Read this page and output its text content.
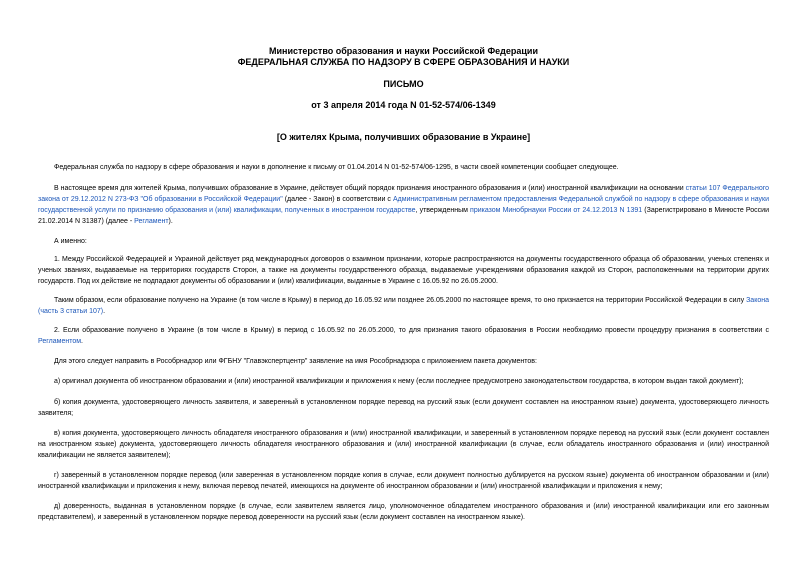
Министерство образования и науки Российской Федерации
ФЕДЕРАЛЬНАЯ СЛУЖБА ПО НАДЗОРУ В СФЕРЕ ОБРАЗОВАНИЯ И НАУКИ
ПИСЬМО
от 3 апреля 2014 года N 01-52-574/06-1349
[О жителях Крыма, получивших образование в Украине]
Федеральная служба по надзору в сфере образования и науки в дополнение к письму от 01.04.2014 N 01-52-574/06-1295, в части своей компетенции сообщает следующее.
В настоящее время для жителей Крыма, получивших образование в Украине, действует общий порядок признания иностранного образования и (или) иностранной квалификации на основании статьи 107 Федерального закона от 29.12.2012 N 273-ФЗ "Об образовании в Российской Федерации" (далее - Закон) в соответствии с Административным регламентом предоставления Федеральной службой по надзору в сфере образования и науки государственной услуги по признанию образования и (или) квалификации, полученных в иностранном государстве, утвержденным приказом Минобрнауки России от 24.12.2013 N 1391 (Зарегистрировано в Минюсте России 21.02.2014 N 31387) (далее - Регламент).
А именно:
1. Между Российской Федерацией и Украиной действует ряд международных договоров о взаимном признании, которые распространяются на документы государственного образца об образовании, ученых степенях и ученых званиях, выдаваемые на территориях государств Сторон, а также на документы государственного образца, выдаваемые учреждениями образования каждой из Сторон, расположенными на территории других государств. Под их действие не подпадают документы об образовании и (или) квалификации, выданные в Украине с 16.05.92 по 26.05.2000.
Таким образом, если образование получено на Украине (в том числе в Крыму) в период до 16.05.92 или позднее 26.05.2000 по настоящее время, то оно признается на территории Российской Федерации в силу Закона (часть 3 статьи 107).
2. Если образование получено в Украине (в том числе в Крыму) в период с 16.05.92 по 26.05.2000, то для признания такого образования в России необходимо провести процедуру признания в соответствии с Регламентом.
Для этого следует направить в Рособрнадзор или ФГБНУ "Главэкспертцентр" заявление на имя Рособрнадзора с приложением пакета документов:
а) оригинал документа об иностранном образовании и (или) иностранной квалификации и приложения к нему (если последнее предусмотрено законодательством государства, в котором выдан такой документ);
б) копия документа, удостоверяющего личность заявителя, и заверенный в установленном порядке перевод на русский язык (если документ составлен на иностранном языке) документа, удостоверяющего личность заявителя;
в) копия документа, удостоверяющего личность обладателя иностранного образования и (или) иностранной квалификации, и заверенный в установленном порядке перевод на русский язык (если документ составлен на иностранном языке) документа, удостоверяющего личность обладателя иностранного образования и (или) иностранной квалификации (в случае, если обладатель иностранного образования и (или) иностранной квалификации не является заявителем);
г) заверенный в установленном порядке перевод (или заверенная в установленном порядке копия в случае, если документ полностью дублируется на русском языке) документа об иностранном образовании и (или) иностранной квалификации и приложения к нему, включая перевод печатей, имеющихся на документе об иностранном образовании и (или) иностранной квалификации и приложения к нему;
д) доверенность, выданная в установленном порядке (в случае, если заявителем является лицо, уполномоченное обладателем иностранного образования и (или) иностранной квалификации или его законным представителем), и заверенный в установленном порядке перевод доверенности на русский язык (если документ составлен на иностранном языке).
